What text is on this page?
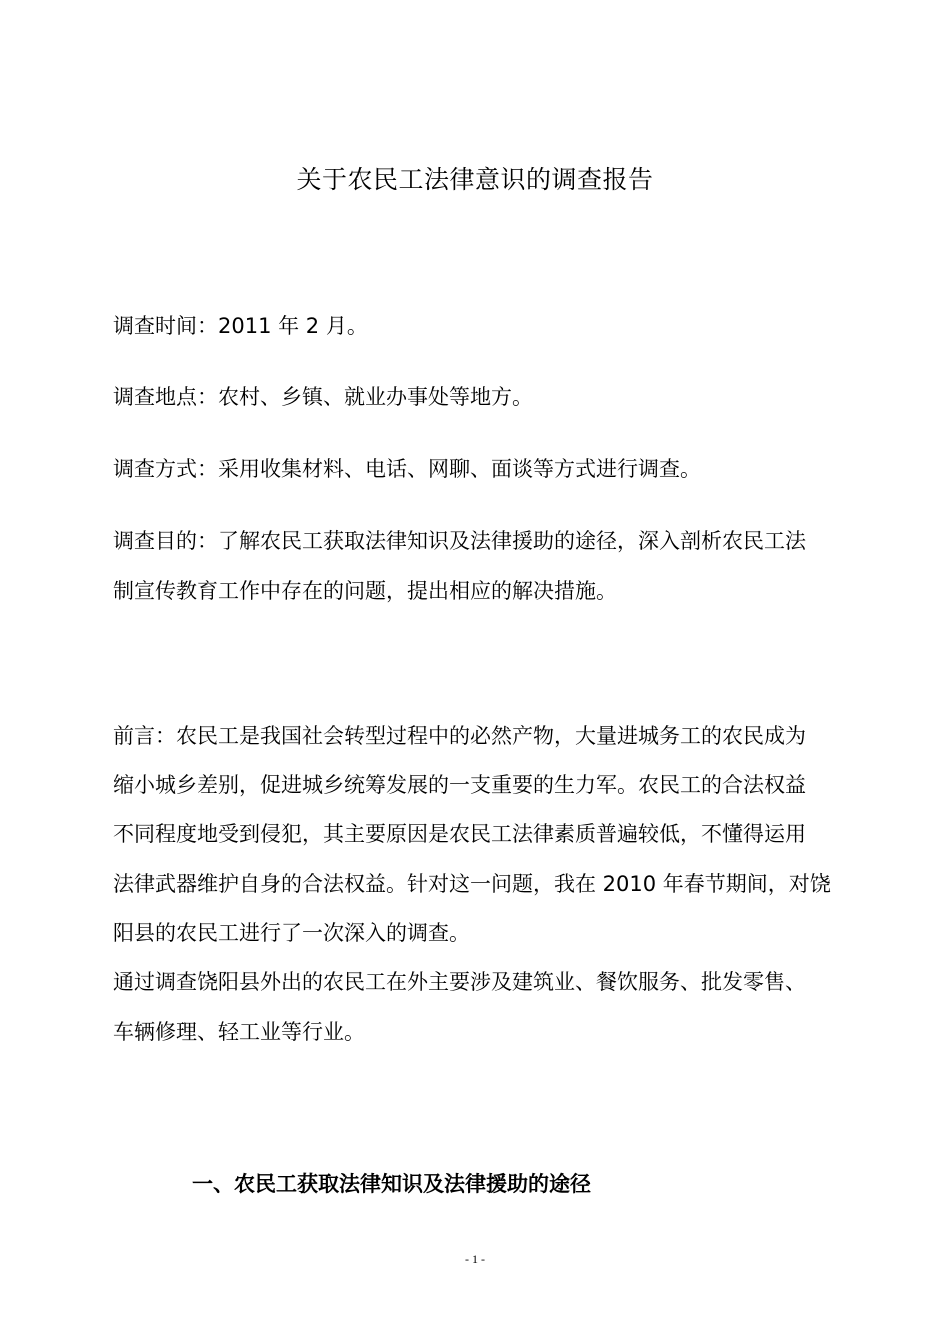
关于农民工法律意识的调查报告
调查时间：2011 年 2 月。
调查地点：农村、乡镇、就业办事处等地方。
调查方式：采用收集材料、电话、网聊、面谈等方式进行调查。
调查目的：了解农民工获取法律知识及法律援助的途径，深入剖析农民工法
制宣传教育工作中存在的问题，提出相应的解决措施。
前言：农民工是我国社会转型过程中的必然产物，大量进城务工的农民成为
缩小城乡差别，促进城乡统筹发展的一支重要的生力军。农民工的合法权益
不同程度地受到侵犯，其主要原因是农民工法律素质普遍较低，不懂得运用
法律武器维护自身的合法权益。针对这一问题，我在 2010 年春节期间，对饶
阳县的农民工进行了一次深入的调查。
通过调查饶阳县外出的农民工在外主要涉及建筑业、餐饮服务、批发零售、
车辆修理、轻工业等行业。
一、农民工获取法律知识及法律援助的途径
- 1 -
